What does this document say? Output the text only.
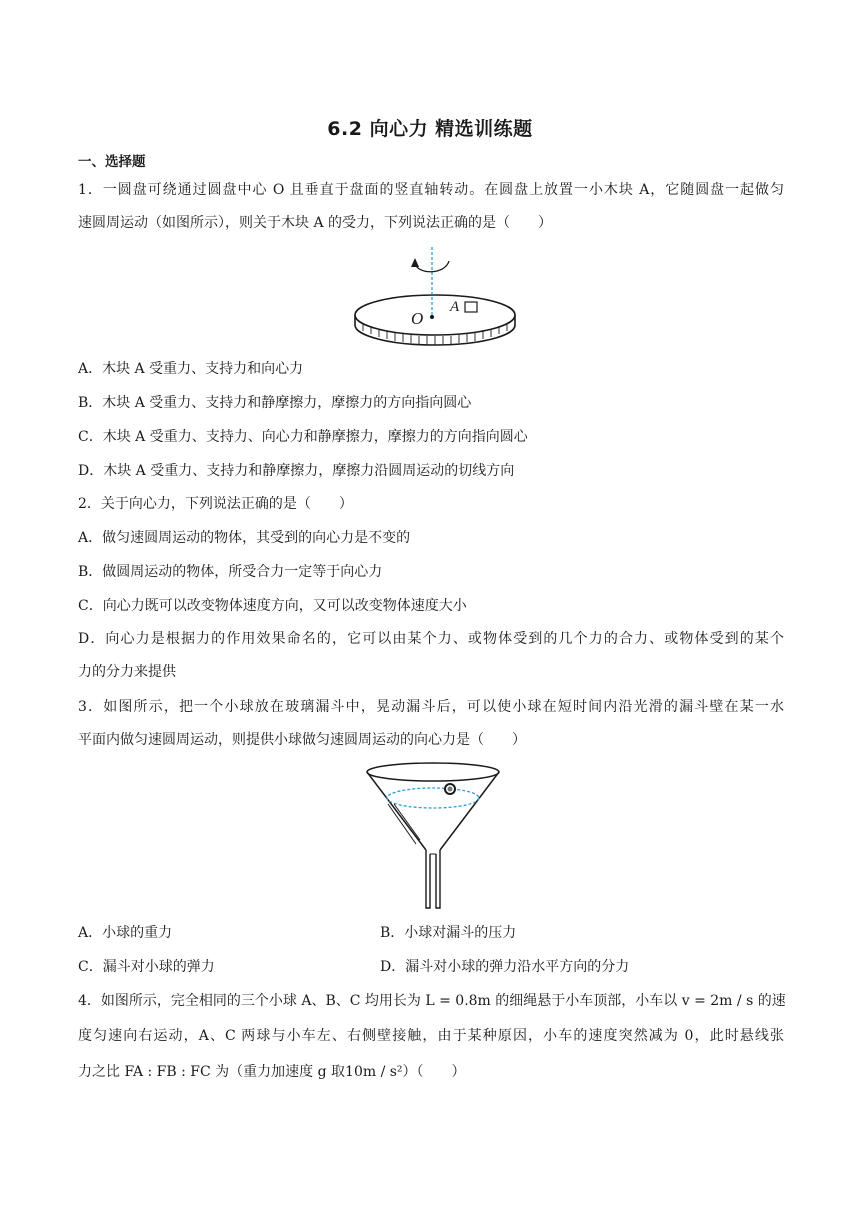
6.2 向心力 精选训练题
一、选择题
1．一圆盘可绕通过圆盘中心 O 且垂直于盘面的竖直轴转动。在圆盘上放置一小木块 A，它随圆盘一起做匀
速圆周运动（如图所示），则关于木块 A 的受力，下列说法正确的是（　　）
O
A
A．木块 A 受重力、支持力和向心力
B．木块 A 受重力、支持力和静摩擦力，摩擦力的方向指向圆心
C．木块 A 受重力、支持力、向心力和静摩擦力，摩擦力的方向指向圆心
D．木块 A 受重力、支持力和静摩擦力，摩擦力沿圆周运动的切线方向
2．关于向心力，下列说法正确的是（　　）
A．做匀速圆周运动的物体，其受到的向心力是不变的
B．做圆周运动的物体，所受合力一定等于向心力
C．向心力既可以改变物体速度方向，又可以改变物体速度大小
D．向心力是根据力的作用效果命名的，它可以由某个力、或物体受到的几个力的合力、或物体受到的某个
力的分力来提供
3．如图所示，把一个小球放在玻璃漏斗中，晃动漏斗后，可以使小球在短时间内沿光滑的漏斗壁在某一水
平面内做匀速圆周运动，则提供小球做匀速圆周运动的向心力是（　　）
A．小球的重力	B．小球对漏斗的压力
C．漏斗对小球的弹力	D．漏斗对小球的弹力沿水平方向的分力
4．如图所示，完全相同的三个小球 A、B、C 均用长为 L = 0.8m 的细绳悬于小车顶部，小车以 v = 2m / s 的速
度匀速向右运动，A、C 两球与小车左、右侧壁接触，由于某种原因，小车的速度突然减为 0，此时悬线张
力之比 FA : FB : FC 为（重力加速度 g 取10m / s²）（　　）
